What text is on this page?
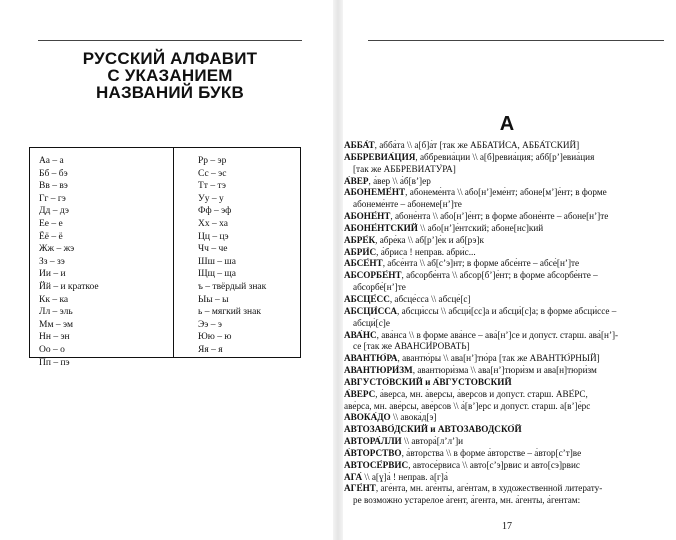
РУССКИЙ АЛФАВИТ
С УКАЗАНИЕМ
НАЗВАНИЙ БУКВ
Аа – а
Бб – бэ
Вв – вэ
Гг – гэ
Дд – дэ
Ее – е
Ёё – ё
Жж – жэ
Зз – зэ
Ии – и
Йй – и краткое
Кк – ка
Лл – эль
Мм – эм
Нн – эн
Оо – о
Пп – пэ
Рр – эр
Сс – эс
Тт – тэ
Уу – у
Фф – эф
Хх – ха
Цц – цэ
Чч – че
Шш – ша
Щщ – ща
ъ – твёрдый знак
Ыы – ы
ь – мягкий знак
Ээ – э
Юю – ю
Яя – я
А
АББА́Т, абба́та \\ а[б]а́т [так же АББАТИ́СА, АББА́ТСКИЙ]
АББРЕВИА́ЦИЯ, аббревиа́ции \\ а[б]ревиа́ция; абб[р’]евиа́ция
[так же АББРЕВИАТУ́РА]
А́ВЕР, а́вер \\ а́б[в’]ер
АБОНЕМЕ́НТ, абонеме́нта \\ або[н’]еме́нт; абоне[м’]е́нт; в форме
абонеме́нте – абонеме[н’]те
АБОНЕ́НТ, абоне́нта \\ або[н’]е́нт; в форме абоне́нте – абоне[н’]те
АБОНЕ́НТСКИЙ \\ або[н’]е́нтский; абоне[нс]кий
АБРЕ́К, абре́ка \\ аб[р’]е́к и аб[рэ]к
АБРИ́С, а́бриса ! неправ. абри́с...
АБСЕ́НТ, абсе́нта \\ аб[с’э]нт; в форме абсе́нте – абсе́[н’]те
АБСОРБЕ́НТ, абсорбе́нта \\ абсор[б’]е́нт; в форме абсорбе́нте –
абсорбе́[н’]те
АБСЦЕ́СС, абсце́сса \\ абсце́[с]
АБСЦИ́ССА, абсци́ссы \\ абсци́[сс]а и абсци́[с]а; в форме абсци́ссе –
абсци́[с]е
АВА́НС, ава́нса \\ в форме ава́нсе – ава́[н’]се и допуст. старш. ава́[н’]-
се [так же АВАНСИ́РОВАТЬ]
АВАНТЮ́РА, авантю́ры \\ ава[н’]тю́ра [так же АВАНТЮ́РНЫЙ]
АВАНТЮРИ́ЗМ, авантюри́зма \\ ава[н’]тюри́зм и ава[н]тюри́зм
АВГУСТО́ВСКИЙ и А́ВГУСТОВСКИЙ
А́ВЕРС, а́верса, мн. а́версы, а́версов и допуст. старш. АВЕ́РС,
аве́рса, мн. аве́рсы, аве́рсов \\ а́[в’]ерс и допуст. старш. а[в’]е́рс
АВОКА́ДО \\ авока́д[э]
АВТОЗАВО́ДСКИЙ и АВТОЗАВОДСКО́Й
АВТОРА́ЛЛИ \\ автора́[л’л’]и
А́ВТОРСТВО, а́вторства \\ в форме а́вторстве – а́втор[с’т]ве
АВТОСЕ́РВИС, автосе́рвиса \\ авто[с’э]рвис и авто[сэ]рвис
АГА́ \\ а[ɣ]а́ ! неправ. а[г]а́
АГЕ́НТ, аге́нта, мн. аге́нты, аге́нтам, в художественной литерату-
ре возможно устарелое а́гент, а́гента, мн. а́генты, а́гентам:
17
